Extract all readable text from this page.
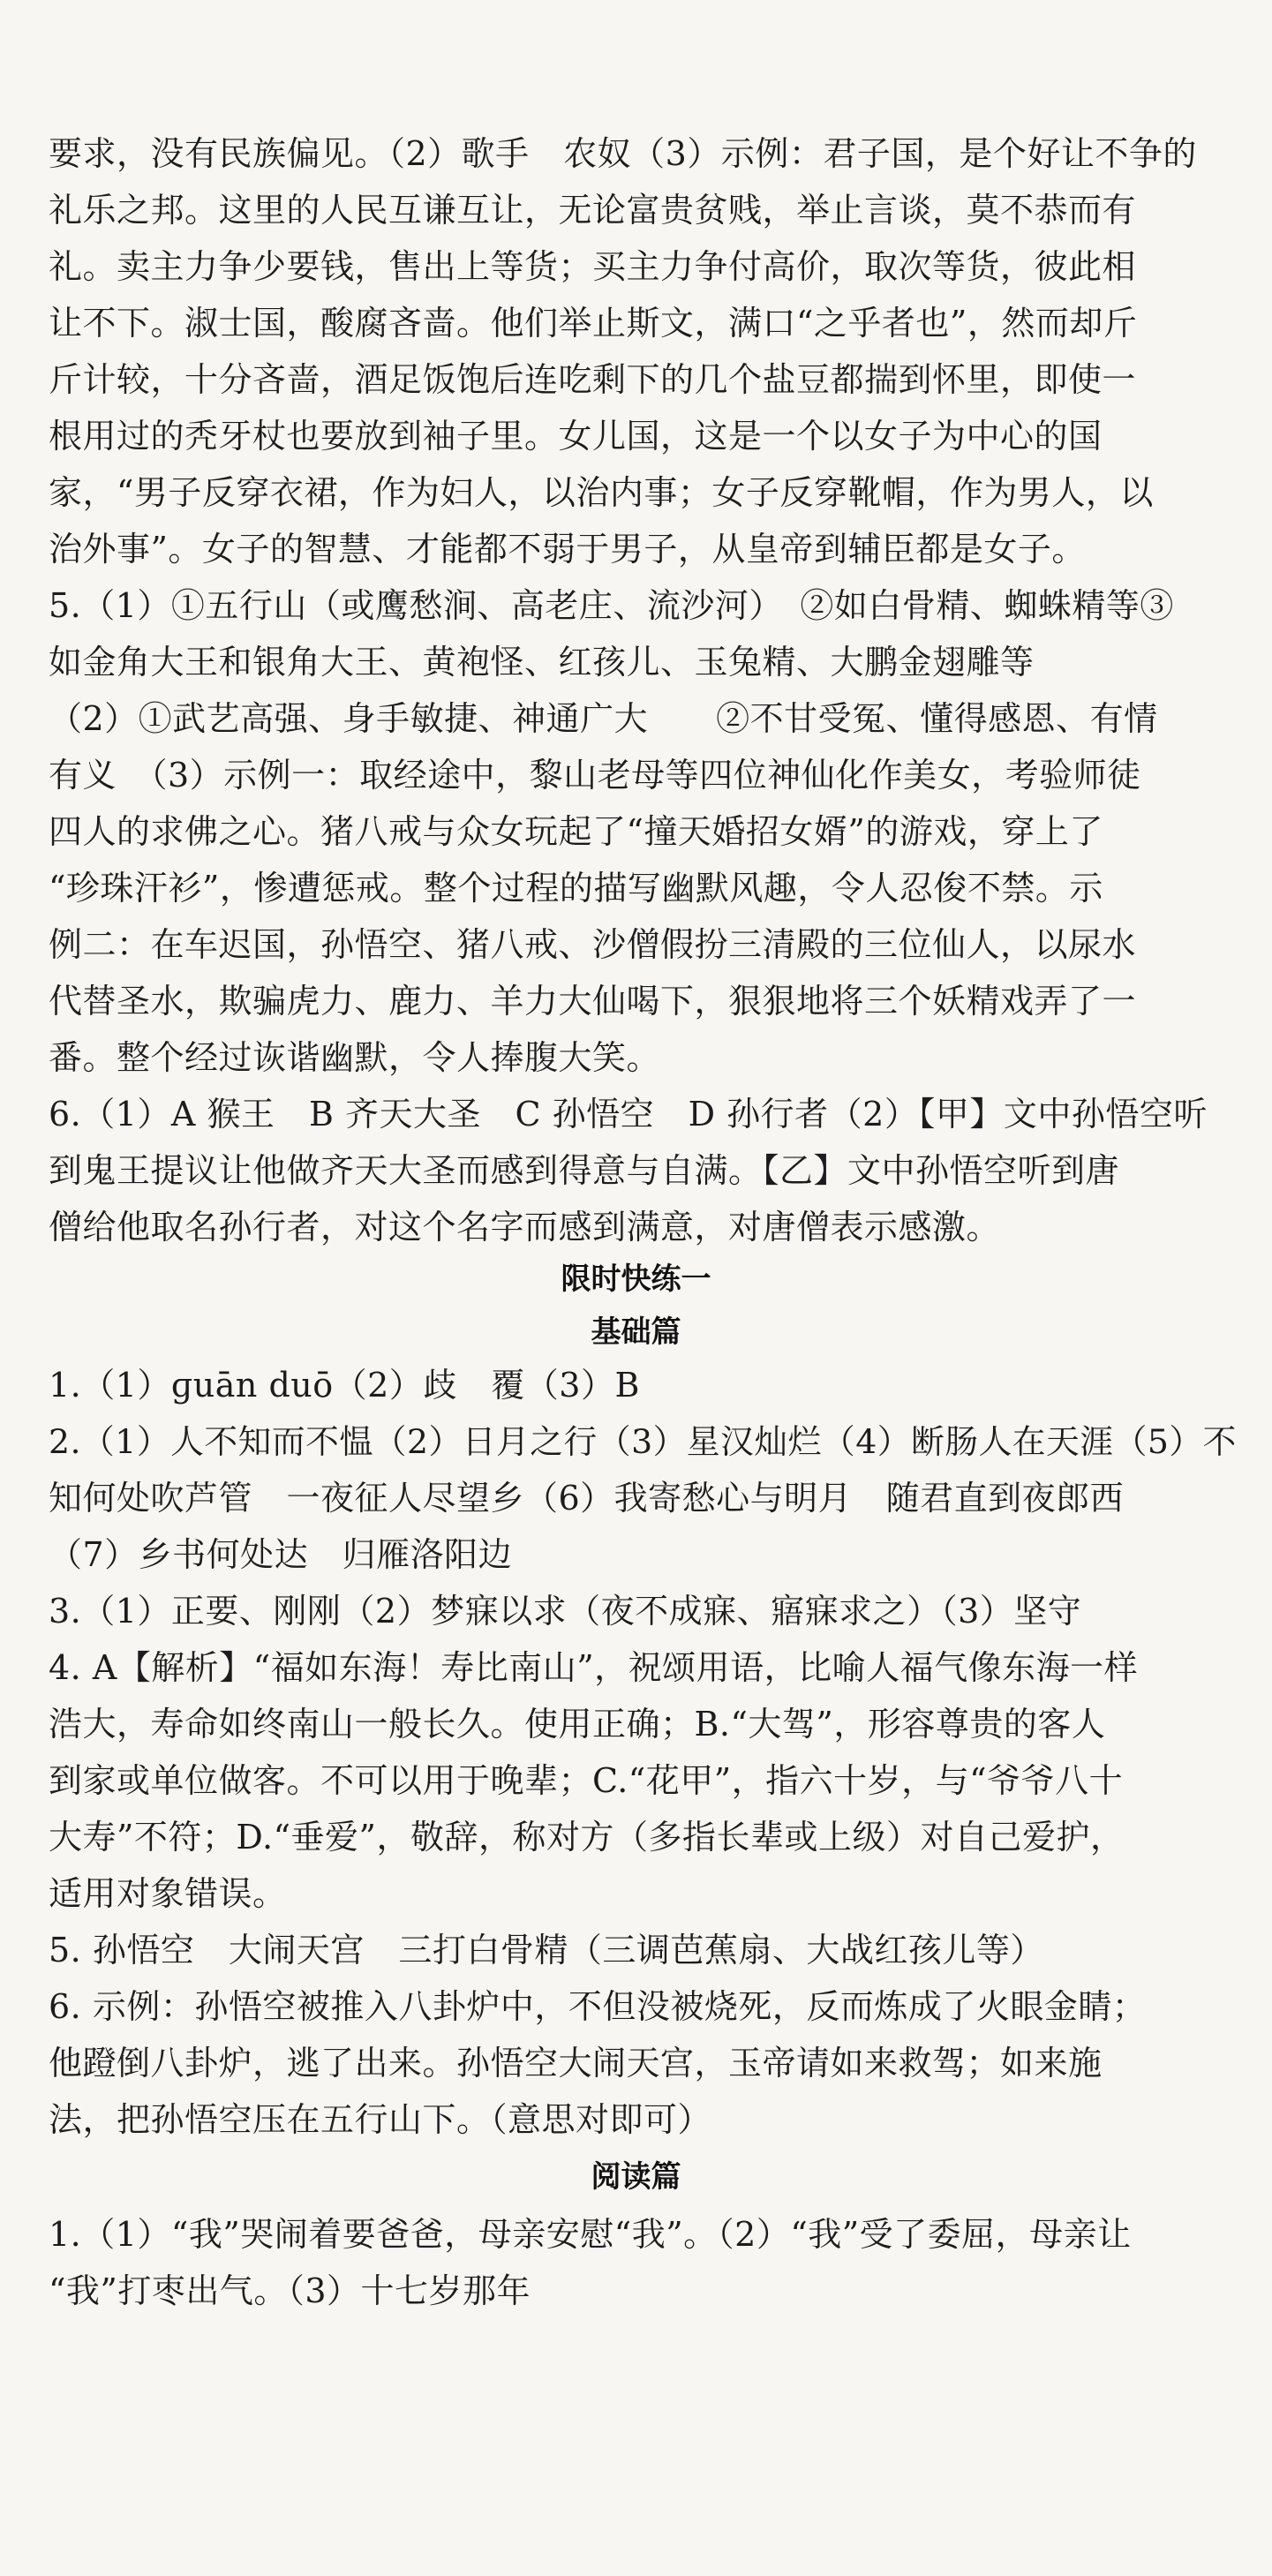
要求，没有民族偏见。（2）歌手　农奴（3）示例：君子国，是个好让不争的
礼乐之邦。这里的人民互谦互让，无论富贵贫贱，举止言谈，莫不恭而有
礼。卖主力争少要钱，售出上等货；买主力争付高价，取次等货，彼此相
让不下。淑士国，酸腐吝啬。他们举止斯文，满口“之乎者也”，然而却斤
斤计较，十分吝啬，酒足饭饱后连吃剩下的几个盐豆都揣到怀里，即使一
根用过的秃牙杖也要放到袖子里。女儿国，这是一个以女子为中心的国
家，“男子反穿衣裙，作为妇人，以治内事；女子反穿靴帽，作为男人，以
治外事”。女子的智慧、才能都不弱于男子，从皇帝到辅臣都是女子。
5.（1）①五行山（或鹰愁涧、高老庄、流沙河）　②如白骨精、蜘蛛精等③
如金角大王和银角大王、黄袍怪、红孩儿、玉兔精、大鹏金翅雕等
（2）①武艺高强、身手敏捷、神通广大　　②不甘受冤、懂得感恩、有情
有义　（3）示例一：取经途中，黎山老母等四位神仙化作美女，考验师徒
四人的求佛之心。猪八戒与众女玩起了“撞天婚招女婿”的游戏，穿上了
“珍珠汗衫”，惨遭惩戒。整个过程的描写幽默风趣，令人忍俊不禁。示
例二：在车迟国，孙悟空、猪八戒、沙僧假扮三清殿的三位仙人，以尿水
代替圣水，欺骗虎力、鹿力、羊力大仙喝下，狠狠地将三个妖精戏弄了一
番。整个经过诙谐幽默，令人捧腹大笑。
6.（1）A 猴王　B 齐天大圣　C 孙悟空　D 孙行者（2）【甲】文中孙悟空听
到鬼王提议让他做齐天大圣而感到得意与自满。【乙】文中孙悟空听到唐
僧给他取名孙行者，对这个名字而感到满意，对唐僧表示感激。
限时快练一
基础篇
1.（1）ɡuān duō（2）歧　覆（3）B
2.（1）人不知而不愠（2）日月之行（3）星汉灿烂（4）断肠人在天涯（5）不
知何处吹芦管　一夜征人尽望乡（6）我寄愁心与明月　随君直到夜郎西
（7）乡书何处达　归雁洛阳边
3.（1）正要、刚刚（2）梦寐以求（夜不成寐、寤寐求之）（3）坚守
4. A【解析】“福如东海！寿比南山”，祝颂用语，比喻人福气像东海一样
浩大，寿命如终南山一般长久。使用正确；B.“大驾”，形容尊贵的客人
到家或单位做客。不可以用于晚辈；C.“花甲”，指六十岁，与“爷爷八十
大寿”不符；D.“垂爱”，敬辞，称对方（多指长辈或上级）对自己爱护，
适用对象错误。
5. 孙悟空　大闹天宫　三打白骨精（三调芭蕉扇、大战红孩儿等）
6. 示例：孙悟空被推入八卦炉中，不但没被烧死，反而炼成了火眼金睛；
他蹬倒八卦炉，逃了出来。孙悟空大闹天宫，玉帝请如来救驾；如来施
法，把孙悟空压在五行山下。（意思对即可）
阅读篇
1.（1）“我”哭闹着要爸爸，母亲安慰“我”。（2）“我”受了委屈，母亲让
“我”打枣出气。（3）十七岁那年
